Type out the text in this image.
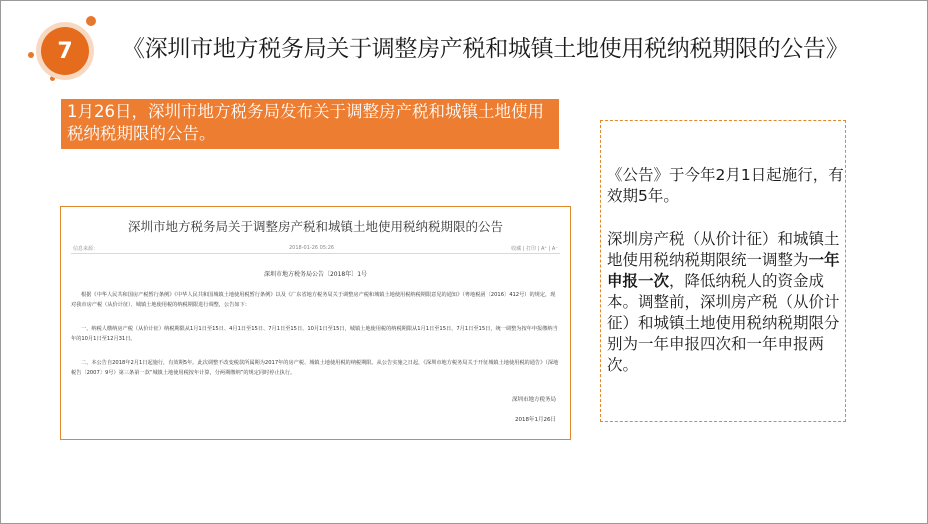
7	《深圳市地方税务局关于调整房产税和城镇土地使用税纳税期限的公告》
1月26日，深圳市地方税务局发布关于调整房产税和城镇土地使用税纳税期限的公告。
深圳市地方税务局关于调整房产税和城镇土地使用税纳税期限的公告
信息来源：	2018-01-26 05:26	收藏 | 打印 | A⁺ | A⁻
深圳市地方税务局公告〔2018年〕1号
根据《中华人民共和国房产税暂行条例》《中华人民共和国城镇土地使用税暂行条例》以及《广东省地方税务局关于调整房产税和城镇土地使用税纳税期限意见的通知》（粤地税函〔2016〕412号）的规定，现对我市房产税（从价计征）、城镇土地使用税的纳税期限进行调整，公告如下：
一、纳税人缴纳房产税（从价计征）纳税期限从1月1日至15日、4月1日至15日、7月1日至15日、10月1日至15日，城镇土地使用税的纳税期限从1月1日至15日、7月1日至15日，统一调整为按年申报缴纳当年的10月1日至12月31日。
二、本公告自2018年2月1日起施行，有效期5年。此次调整不改变税款所属期为2017年的房产税、城镇土地使用税的纳税期限。从公告实施之日起，《深圳市地方税务局关于开征城镇土地使用税的通告》（深地税告〔2007〕9号）第三条第一款“城镇土地使用税按年计算，分两期缴纳”的规定同时停止执行。
深圳市地方税务局
2018年1月26日
《公告》于今年2月1日起施行，有效期5年。
深圳房产税（从价计征）和城镇土地使用税纳税期限统一调整为一年申报一次，降低纳税人的资金成本。调整前，深圳房产税（从价计征）和城镇土地使用税纳税期限分别为一年申报四次和一年申报两次。
